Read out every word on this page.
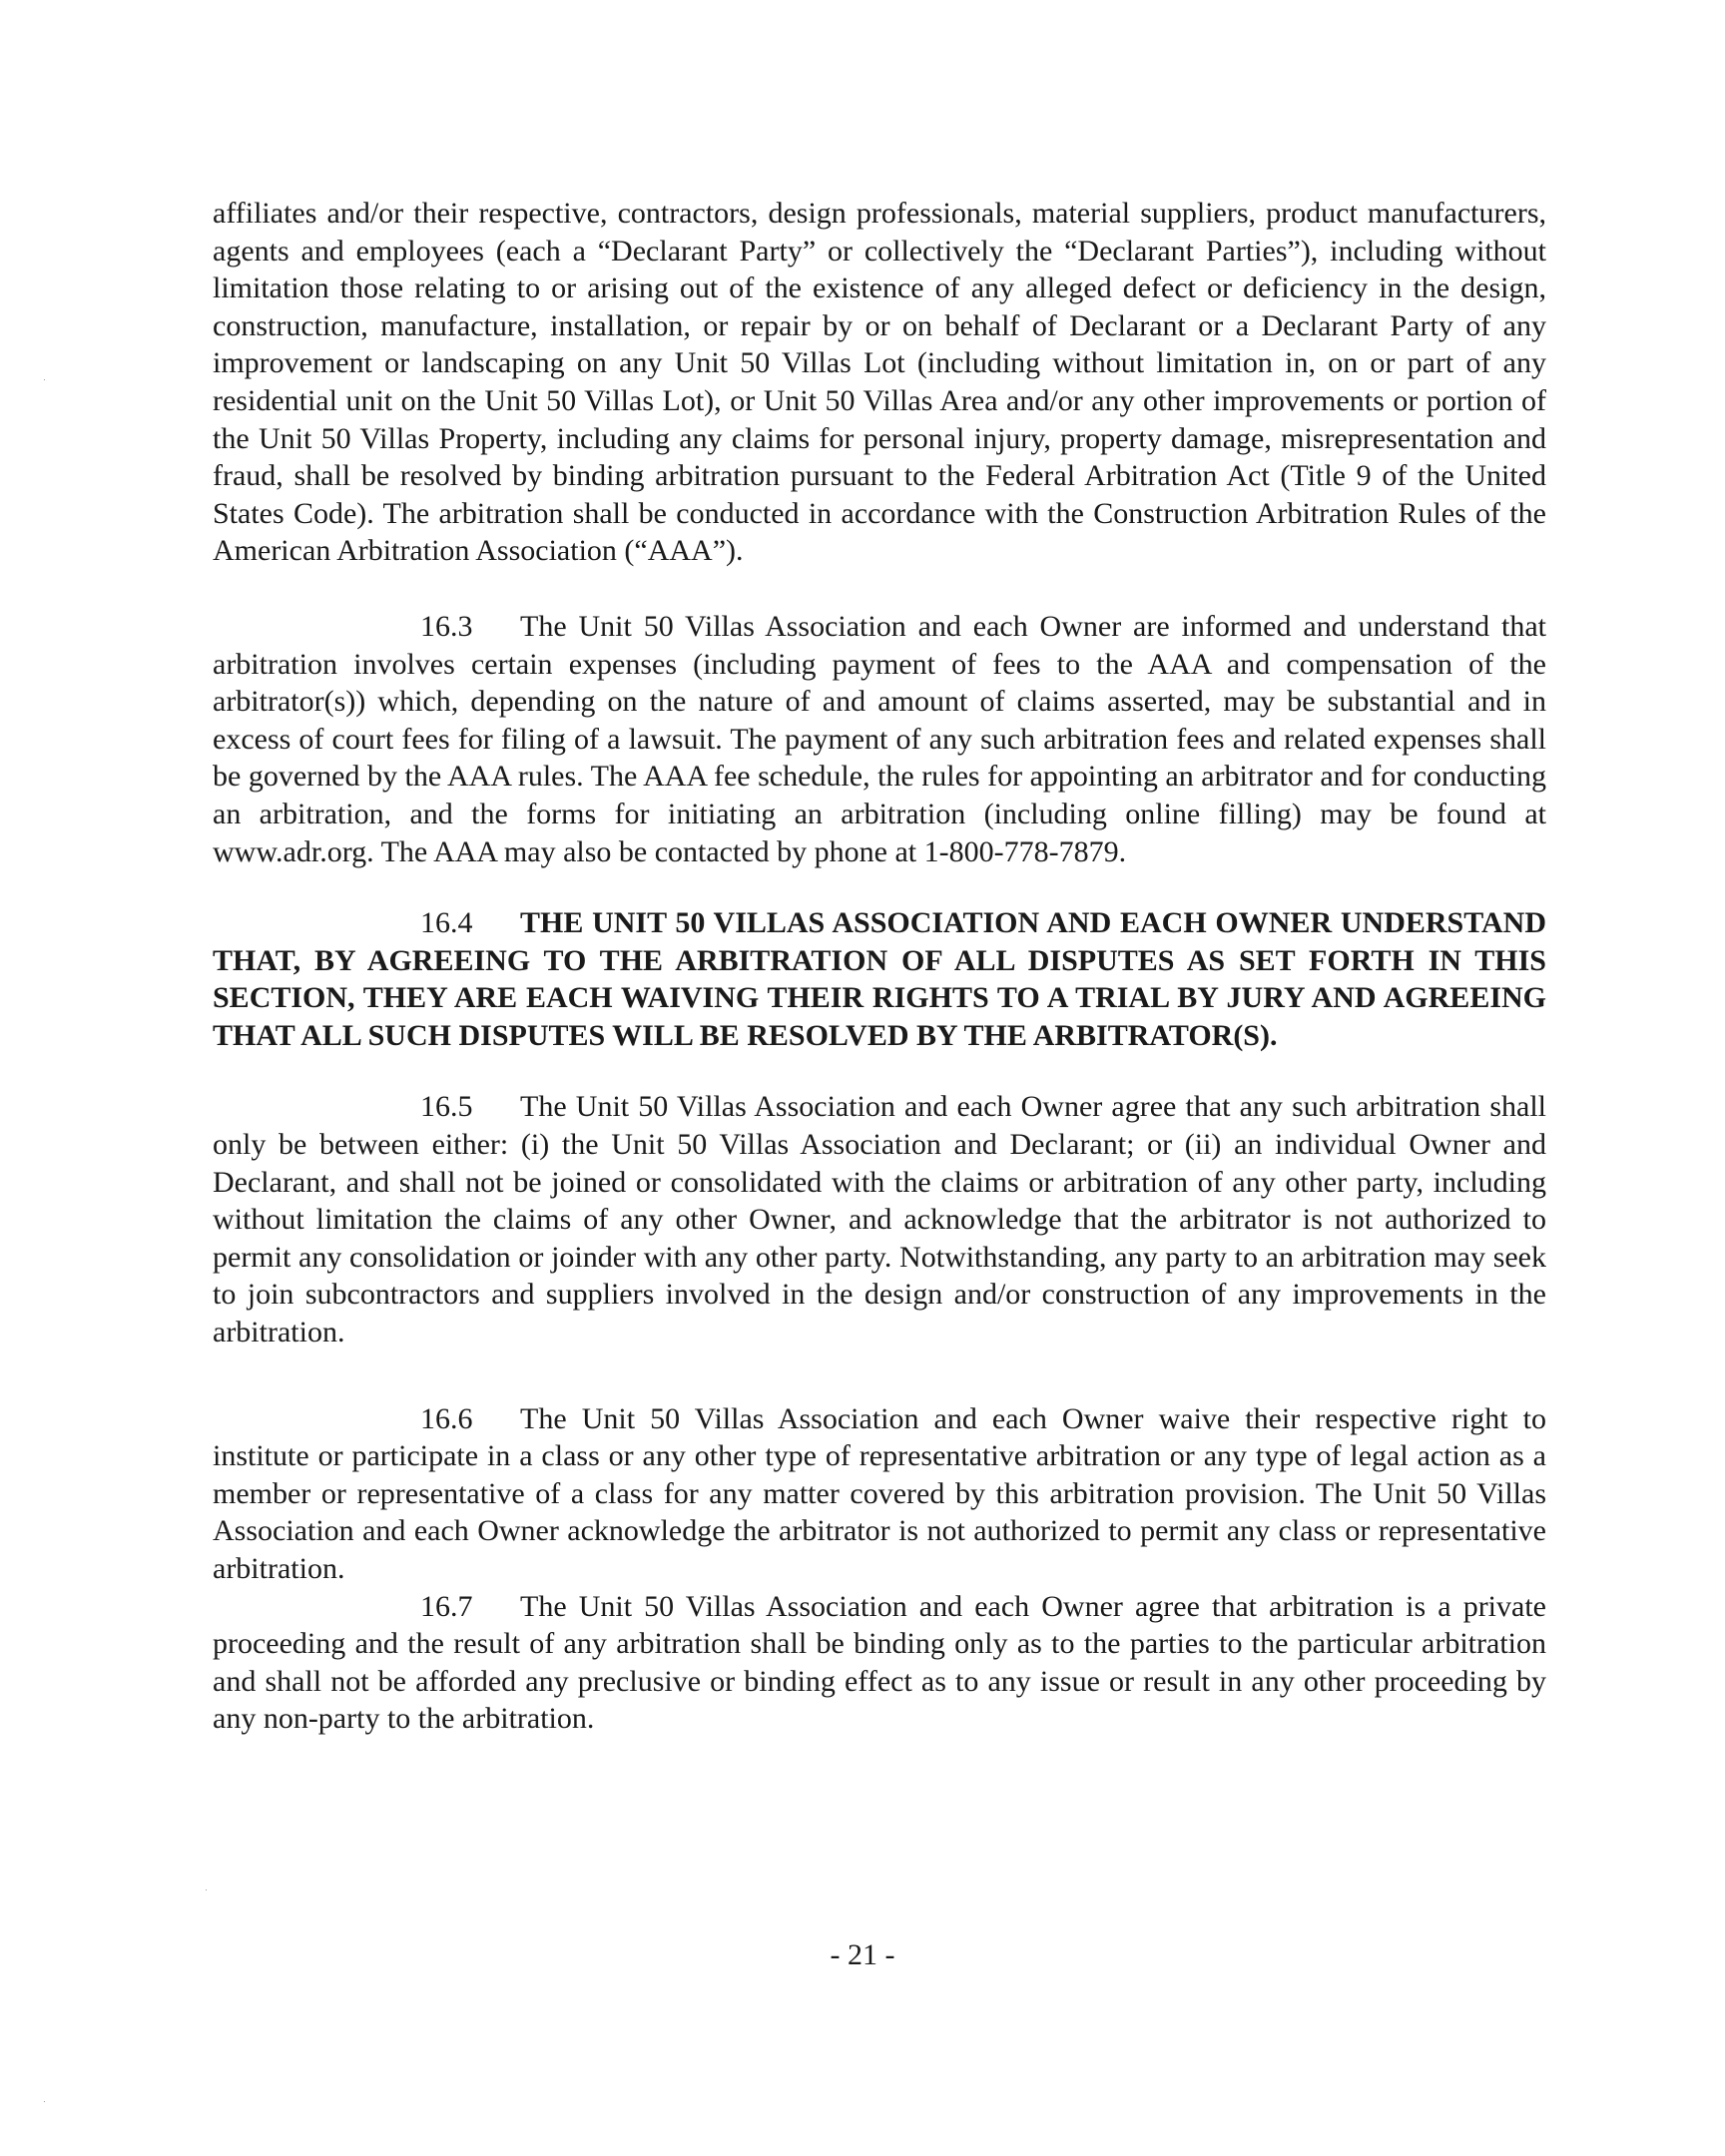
affiliates and/or their respective, contractors, design professionals, material suppliers, product manufacturers, agents and employees (each a “Declarant Party” or collectively the “Declarant Parties”), including without limitation those relating to or arising out of the existence of any alleged defect or deficiency in the design, construction, manufacture, installation, or repair by or on behalf of Declarant or a Declarant Party of any improvement or landscaping on any Unit 50 Villas Lot (including without limitation in, on or part of any residential unit on the Unit 50 Villas Lot), or Unit 50 Villas Area and/or any other improvements or portion of the Unit 50 Villas Property, including any claims for personal injury, property damage, misrepresentation and fraud, shall be resolved by binding arbitration pursuant to the Federal Arbitration Act (Title 9 of the United States Code). The arbitration shall be conducted in accordance with the Construction Arbitration Rules of the American Arbitration Association (“AAA”).

16.3 The Unit 50 Villas Association and each Owner are informed and understand that arbitration involves certain expenses (including payment of fees to the AAA and compensation of the arbitrator(s)) which, depending on the nature of and amount of claims asserted, may be substantial and in excess of court fees for filing of a lawsuit. The payment of any such arbitration fees and related expenses shall be governed by the AAA rules. The AAA fee schedule, the rules for appointing an arbitrator and for conducting an arbitration, and the forms for initiating an arbitration (including online filling) may be found at www.adr.org. The AAA may also be contacted by phone at 1-800-778-7879.

16.4 THE UNIT 50 VILLAS ASSOCIATION AND EACH OWNER UNDERSTAND THAT, BY AGREEING TO THE ARBITRATION OF ALL DISPUTES AS SET FORTH IN THIS SECTION, THEY ARE EACH WAIVING THEIR RIGHTS TO A TRIAL BY JURY AND AGREEING THAT ALL SUCH DISPUTES WILL BE RESOLVED BY THE ARBITRATOR(S).

16.5 The Unit 50 Villas Association and each Owner agree that any such arbitration shall only be between either: (i) the Unit 50 Villas Association and Declarant; or (ii) an individual Owner and Declarant, and shall not be joined or consolidated with the claims or arbitration of any other party, including without limitation the claims of any other Owner, and acknowledge that the arbitrator is not authorized to permit any consolidation or joinder with any other party. Notwithstanding, any party to an arbitration may seek to join subcontractors and suppliers involved in the design and/or construction of any improvements in the arbitration.

16.6 The Unit 50 Villas Association and each Owner waive their respective right to institute or participate in a class or any other type of representative arbitration or any type of legal action as a member or representative of a class for any matter covered by this arbitration provision. The Unit 50 Villas Association and each Owner acknowledge the arbitrator is not authorized to permit any class or representative arbitration.

16.7 The Unit 50 Villas Association and each Owner agree that arbitration is a private proceeding and the result of any arbitration shall be binding only as to the parties to the particular arbitration and shall not be afforded any preclusive or binding effect as to any issue or result in any other proceeding by any non-party to the arbitration.

- 21 -
